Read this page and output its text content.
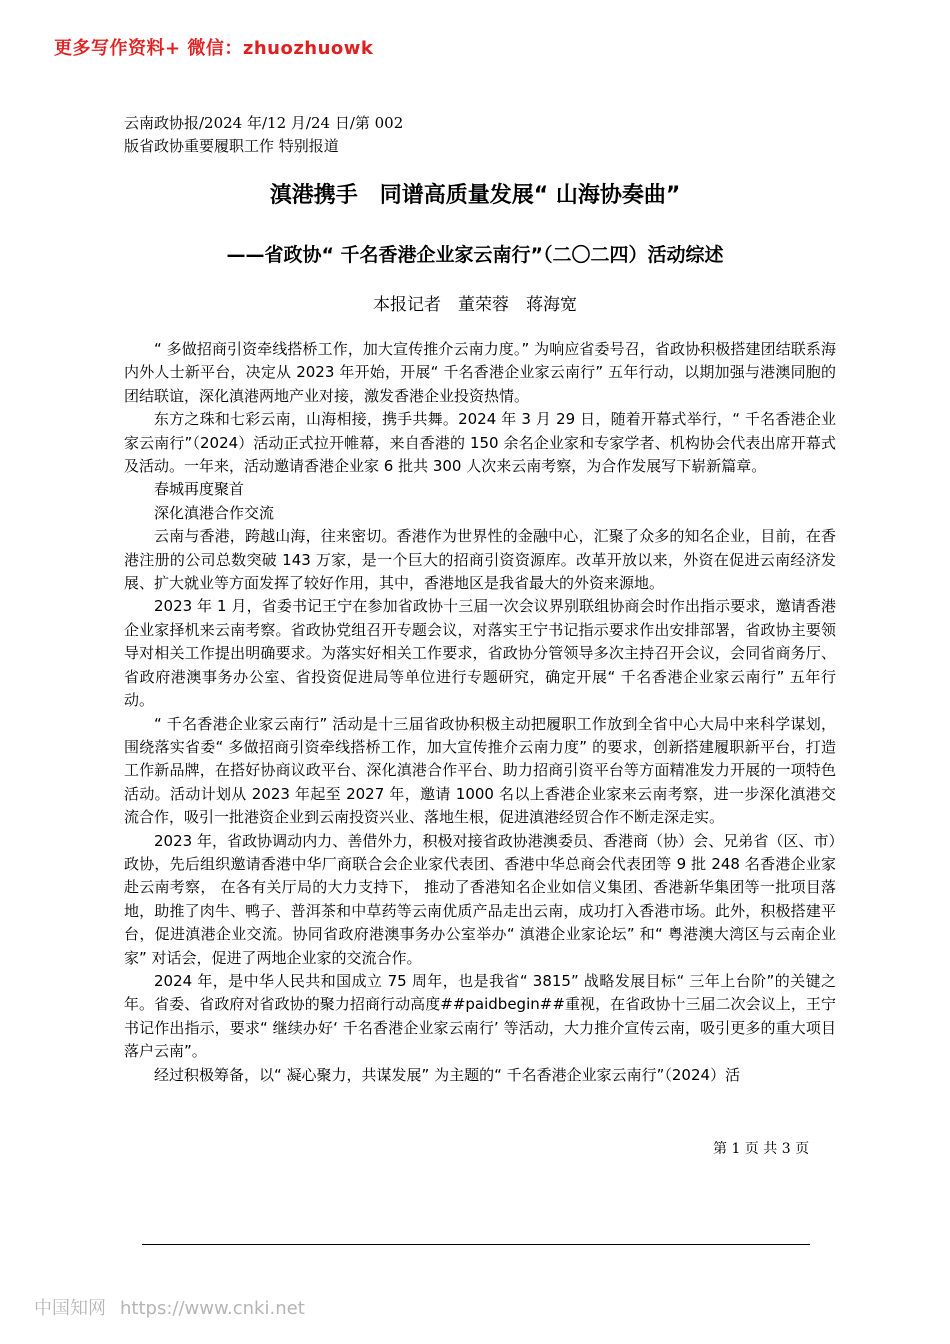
更多写作资料+ 微信：zhuozhuowk
云南政协报/2024 年/12 月/24 日/第 002
版省政协重要履职工作 特别报道
滇港携手　同谱高质量发展“ 山海协奏曲”
——省政协“ 千名香港企业家云南行”（二〇二四）活动综述
本报记者　董荣蓉　蒋海宽

“ 多做招商引资牵线搭桥工作，加大宣传推介云南力度。” 为响应省委号召，省政协积极搭建团结联系海内外人士新平台，决定从 2023 年开始，开展“ 千名香港企业家云南行” 五年行动，以期加强与港澳同胞的团结联谊，深化滇港两地产业对接，激发香港企业投资热情。

东方之珠和七彩云南，山海相接，携手共舞。2024 年 3 月 29 日，随着开幕式举行，“ 千名香港企业家云南行”（2024）活动正式拉开帷幕，来自香港的 150 余名企业家和专家学者、机构协会代表出席开幕式及活动。一年来，活动邀请香港企业家 6 批共 300 人次来云南考察，为合作发展写下崭新篇章。

春城再度聚首

深化滇港合作交流

云南与香港，跨越山海，往来密切。香港作为世界性的金融中心，汇聚了众多的知名企业，目前，在香港注册的公司总数突破 143 万家，是一个巨大的招商引资资源库。改革开放以来，外资在促进云南经济发展、扩大就业等方面发挥了较好作用，其中，香港地区是我省最大的外资来源地。

2023 年 1 月，省委书记王宁在参加省政协十三届一次会议界别联组协商会时作出指示要求，邀请香港企业家择机来云南考察。省政协党组召开专题会议，对落实王宁书记指示要求作出安排部署，省政协主要领导对相关工作提出明确要求。为落实好相关工作要求，省政协分管领导多次主持召开会议，会同省商务厅、省政府港澳事务办公室、省投资促进局等单位进行专题研究，确定开展“ 千名香港企业家云南行” 五年行动。

“ 千名香港企业家云南行” 活动是十三届省政协积极主动把履职工作放到全省中心大局中来科学谋划，围绕落实省委“ 多做招商引资牵线搭桥工作，加大宣传推介云南力度” 的要求，创新搭建履职新平台，打造工作新品牌，在搭好协商议政平台、深化滇港合作平台、助力招商引资平台等方面精准发力开展的一项特色活动。活动计划从 2023 年起至 2027 年，邀请 1000 名以上香港企业家来云南考察，进一步深化滇港交流合作，吸引一批港资企业到云南投资兴业、落地生根，促进滇港经贸合作不断走深走实。

2023 年，省政协调动内力、善借外力，积极对接省政协港澳委员、香港商（协）会、兄弟省（区、市）政协，先后组织邀请香港中华厂商联合会企业家代表团、香港中华总商会代表团等 9 批 248 名香港企业家赴云南考察， 在各有关厅局的大力支持下， 推动了香港知名企业如信义集团、香港新华集团等一批项目落地，助推了肉牛、鸭子、普洱茶和中草药等云南优质产品走出云南，成功打入香港市场。此外，积极搭建平台，促进滇港企业交流。协同省政府港澳事务办公室举办“ 滇港企业家论坛” 和“ 粤港澳大湾区与云南企业家” 对话会，促进了两地企业家的交流合作。

2024 年，是中华人民共和国成立 75 周年，也是我省“ 3815” 战略发展目标“ 三年上台阶”的关键之年。省委、省政府对省政协的聚力招商行动高度##paidbegin##重视，在省政协十三届二次会议上，王宁书记作出指示，要求“ 继续办好‘ 千名香港企业家云南行’ 等活动，大力推介宣传云南，吸引更多的重大项目落户云南”。

经过积极筹备，以“ 凝心聚力，共谋发展” 为主题的“ 千名香港企业家云南行”（2024）活

第 1 页 共 3 页
中国知网 https://www.cnki.net
